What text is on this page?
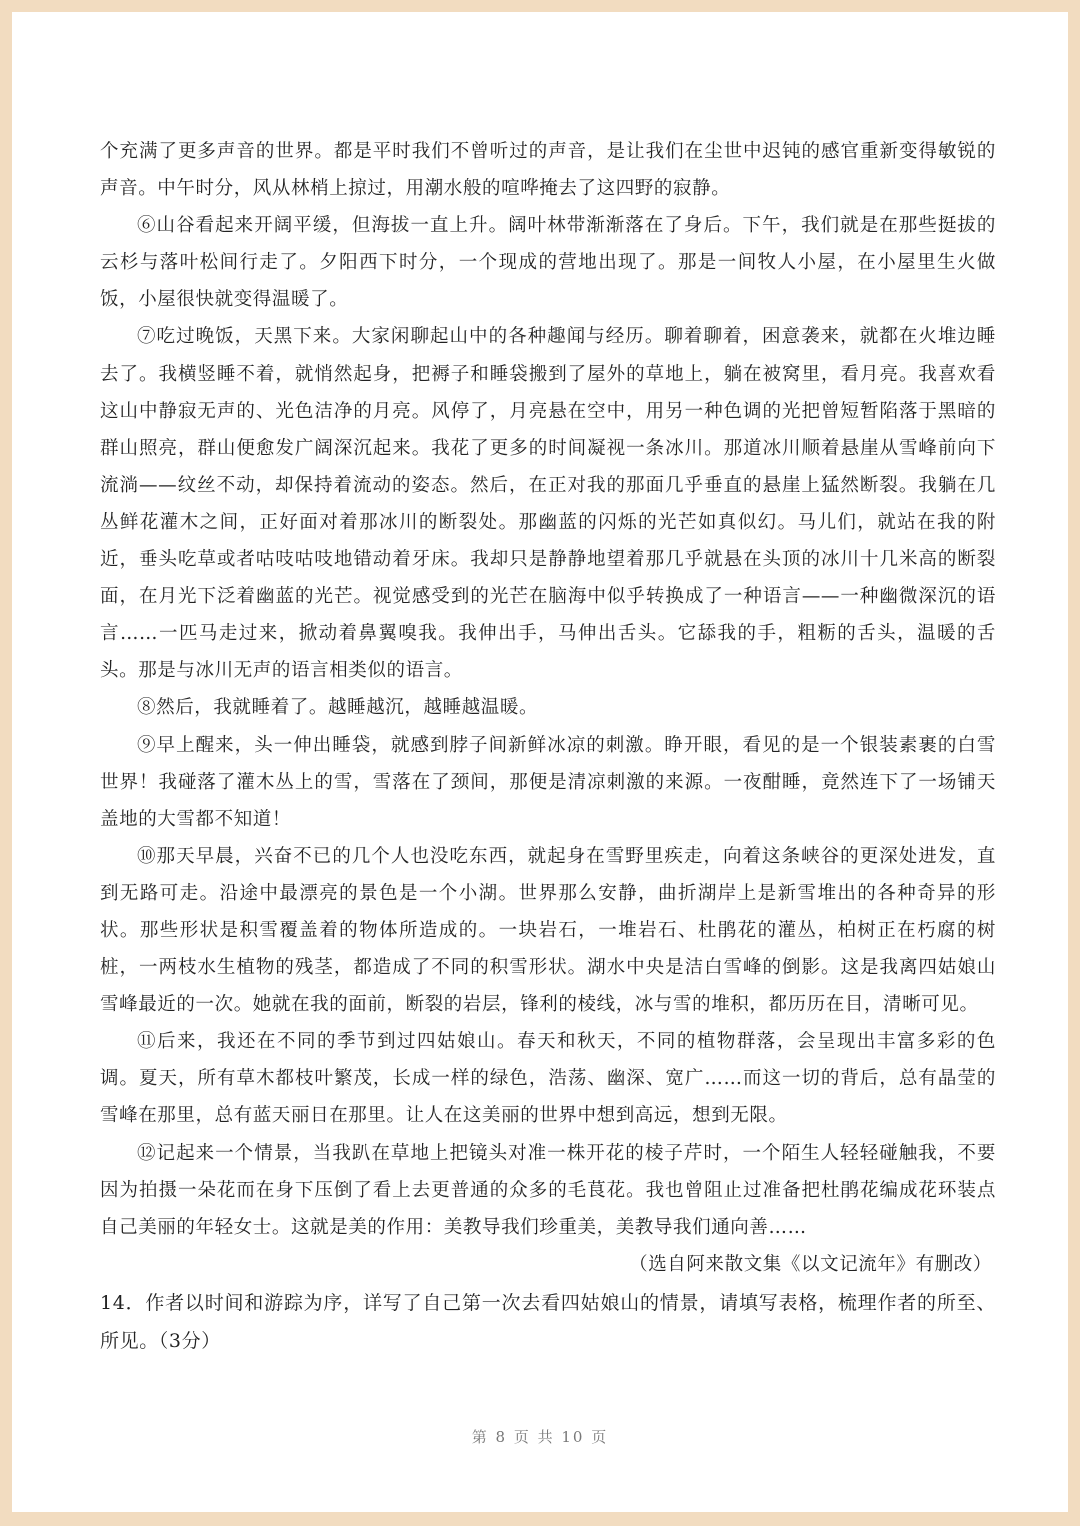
个充满了更多声音的世界。都是平时我们不曾听过的声音，是让我们在尘世中迟钝的感官重新变得敏锐的声音。中午时分，风从林梢上掠过，用潮水般的喧哗掩去了这四野的寂静。

⑥山谷看起来开阔平缓，但海拔一直上升。阔叶林带渐渐落在了身后。下午，我们就是在那些挺拔的云杉与落叶松间行走了。夕阳西下时分，一个现成的营地出现了。那是一间牧人小屋，在小屋里生火做饭，小屋很快就变得温暖了。

⑦吃过晚饭，天黑下来。大家闲聊起山中的各种趣闻与经历。聊着聊着，困意袭来，就都在火堆边睡去了。我横竖睡不着，就悄然起身，把褥子和睡袋搬到了屋外的草地上，躺在被窝里，看月亮。我喜欢看这山中静寂无声的、光色洁净的月亮。风停了，月亮悬在空中，用另一种色调的光把曾短暂陷落于黑暗的群山照亮，群山便愈发广阔深沉起来。我花了更多的时间凝视一条冰川。那道冰川顺着悬崖从雪峰前向下流淌——纹丝不动，却保持着流动的姿态。然后，在正对我的那面几乎垂直的悬崖上猛然断裂。我躺在几丛鲜花灌木之间，正好面对着那冰川的断裂处。那幽蓝的闪烁的光芒如真似幻。马儿们，就站在我的附近，垂头吃草或者咕吱咕吱地错动着牙床。我却只是静静地望着那几乎就悬在头顶的冰川十几米高的断裂面，在月光下泛着幽蓝的光芒。视觉感受到的光芒在脑海中似乎转换成了一种语言——一种幽微深沉的语言……一匹马走过来，掀动着鼻翼嗅我。我伸出手，马伸出舌头。它舔我的手，粗粝的舌头，温暖的舌头。那是与冰川无声的语言相类似的语言。

⑧然后，我就睡着了。越睡越沉，越睡越温暖。

⑨早上醒来，头一伸出睡袋，就感到脖子间新鲜冰凉的刺激。睁开眼，看见的是一个银装素裹的白雪世界！我碰落了灌木丛上的雪，雪落在了颈间，那便是清凉刺激的来源。一夜酣睡，竟然连下了一场铺天盖地的大雪都不知道！

⑩那天早晨，兴奋不已的几个人也没吃东西，就起身在雪野里疾走，向着这条峡谷的更深处进发，直到无路可走。沿途中最漂亮的景色是一个小湖。世界那么安静，曲折湖岸上是新雪堆出的各种奇异的形状。那些形状是积雪覆盖着的物体所造成的。一块岩石，一堆岩石、杜鹃花的灌丛，柏树正在朽腐的树桩，一两枝水生植物的残茎，都造成了不同的积雪形状。湖水中央是洁白雪峰的倒影。这是我离四姑娘山雪峰最近的一次。她就在我的面前，断裂的岩层，锋利的棱线，冰与雪的堆积，都历历在目，清晰可见。

⑪后来，我还在不同的季节到过四姑娘山。春天和秋天，不同的植物群落，会呈现出丰富多彩的色调。夏天，所有草木都枝叶繁茂，长成一样的绿色，浩荡、幽深、宽广……而这一切的背后，总有晶莹的雪峰在那里，总有蓝天丽日在那里。让人在这美丽的世界中想到高远，想到无限。

⑫记起来一个情景，当我趴在草地上把镜头对准一株开花的棱子芹时，一个陌生人轻轻碰触我，不要因为拍摄一朵花而在身下压倒了看上去更普通的众多的毛茛花。我也曾阻止过准备把杜鹃花编成花环装点自己美丽的年轻女士。这就是美的作用：美教导我们珍重美，美教导我们通向善……

（选自阿来散文集《以文记流年》有删改）

14．作者以时间和游踪为序，详写了自己第一次去看四姑娘山的情景，请填写表格，梳理作者的所至、所见。（3分）

第 8 页 共 10 页
